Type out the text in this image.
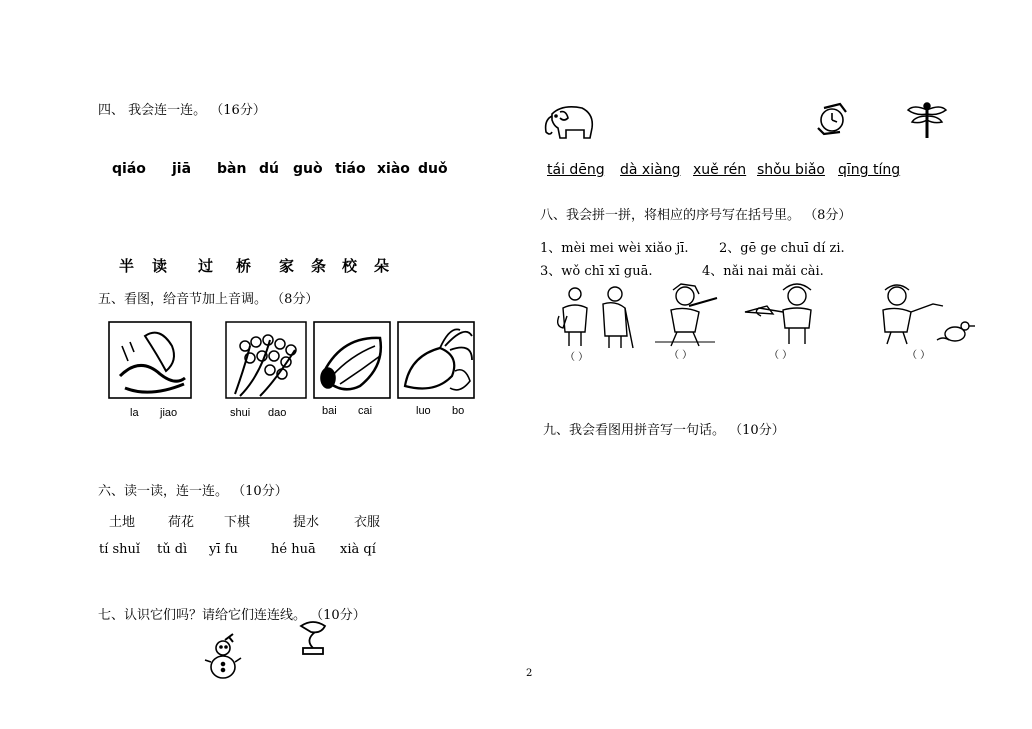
四、 我会连一连。 （16分）
qiáo jiā bàn dú guò tiáo xiào duǒ
半 读 过 桥 家 条 校 朵
五、看图，给音节加上音调。 （8分）
la jiao	shui dao	bai cai	luo bo
六、读一读，连一连。 （10分）
土地	荷花 下棋	提水	衣服
tí shuǐ tǔ dì yī fu	hé huā xià qí
七、认识它们吗？请给它们连连线。 （10分）
2
tái dēng dà xiàng xuě rén shǒu biǎo qīng tíng
八、我会拼一拼，将相应的序号写在括号里。 （8分）
1、mèi mei wèi xiǎo jī. 2、gē ge chuī dí zi.
3、wǒ chī xī guā.	4、nǎi nai mǎi cài.
（ ）	（ ）	（ ）	（ ）
九、我会看图用拼音写一句话。 （10分）
